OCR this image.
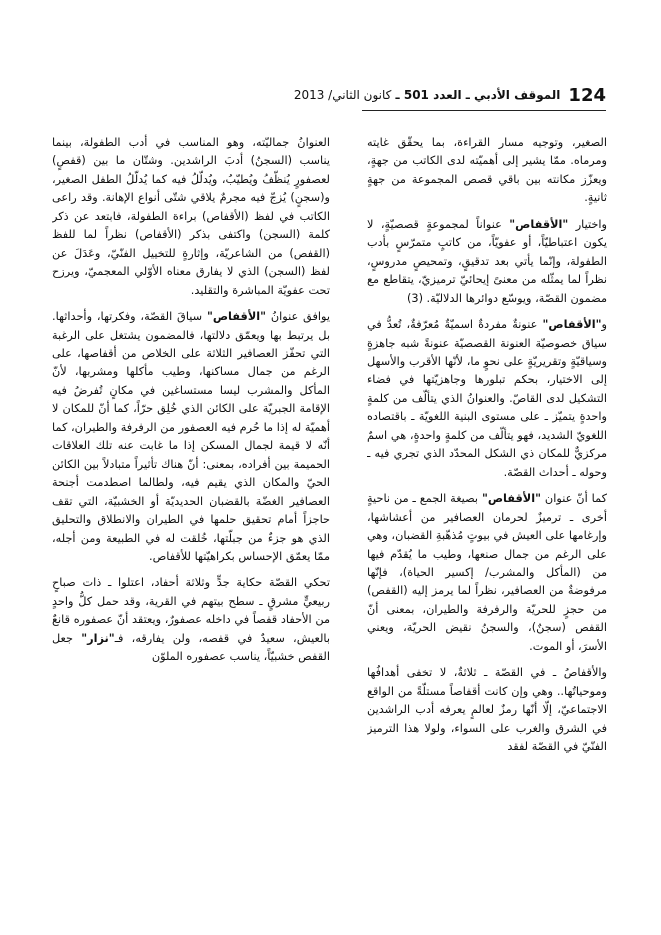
124
الموقف الأدبي ـ العدد 501 ـ كانون الثاني/ 2013

الصغير، وتوجيه مسار القراءة، بما يحقّق غايته ومرماه. ممّا يشير إلى أهميّته لدى الكاتب من جهةٍ، ويعزّز مكانته بين باقي قصص المجموعة من جهةٍ ثانيةٍ.

واختيار "الأقفاص" عنواناً لمجموعةٍ قصصيّةٍ، لا يكون اعتباطيّاً، أو عفويّاً، من كاتبٍ متمرّسٍ بأدب الطفولة، وإنّما يأتي بعد تدقيقٍ، وتمحيصٍ مدروسٍ، نظراً لما يمثّله من معنىً إيحائيّ ترميزيّ، يتقاطع مع مضمون القصّة، ويوسّع دوائرها الدلاليّة. (3)

و"الأقفاص" عنونةٌ مفردةٌ اسميّةٌ مُعرّفةٌ، تُعدُّ في سياق خصوصيّة العنونة القصصيّة عنونةً شبه جاهزةٍ وسياقيّةٍ وتقريريّةٍ على نحوٍ ما، لأنّها الأقرب والأسهل إلى الاختيار، بحكم تبلورها وجاهزيّتها في فضاء التشكيل لدى القاصّ. والعنوانُ الذي يتألّف من كلمةٍ واحدةٍ يتميّز ـ على مستوى البنية اللغويّة ـ باقتصاده اللغويّ الشديد، فهو يتألّف من كلمةٍ واحدةٍ، هي اسمٌ مركزيٌّ للمكان ذي الشكل المحدّد الذي تجري فيه ـ وحوله ـ أحداث القصّة.

كما أنّ عنوان "الأقفاص" بصيغة الجمع ـ من ناحيةٍ أخرى ـ ترميزٌ لحرمان العصافير من أعشاشها، وإرغامها على العيش في بيوتٍ مُذهّبةِ القضبان، وهي على الرغم من جمال صنعها، وطيب ما يُقدّم فيها من (المأكل والمشرب/ إكسير الحياة)، فإنّها مرفوضةٌ من العصافير، نظراً لما يرمز إليه (القفص) من حجزٍ للحريّة والرفرفة والطيران، بمعنى أنّ القفص (سجنٌ)، والسجنُ نقيض الحريّة، ويعني الأسرَ، أو الموت.

والأقفاصُ ـ في القصّة ـ ثلاثةٌ، لا تخفى أهدافُها وموحياتُها.. وهي وإن كانت أقفاصاً مستلّةً من الواقع الاجتماعيّ، إلّا أنّها رمزٌ لعالمٍ يعرفه أدب الراشدين في الشرق والغرب على السواء، ولولا هذا الترميز الفنّيّ في القصّة لفقد

العنوانُ جماليّته، وهو المناسب في أدب الطفولة، بينما يناسب (السجنُ) أدبَ الراشدين. وشتّان ما بين (قفصٍ) لعصفورٍ يُنظّفُ ويُطيّبُ، ويُدلّلُ فيه كما يُدلّلُ الطفل الصغير، و(سجنٍ) يُزجّ فيه مجرمٌ يلاقي شتّى أنواع الإهانة. وقد راعى الكاتب في لفظ (الأقفاص) براءة الطفولة، فابتعد عن ذكر كلمة (السجن) واكتفى بذكر (الأقفاص) نظراً لما للفظ (القفص) من الشاعريّة، وإثارةٍ للتخييل الفنّيّ، وعَدَلَ عن لفظ (السجن) الذي لا يفارق معناه الأوّلي المعجميّ، ويرزح تحت عفويّة المباشرة والتقليد.

يوافق عنوانُ "الأقفاص" سياقَ القصّة، وفكرتها، وأحداثها. بل يرتبط بها ويعمّق دلالتها، فالمضمون يشتغل على الرغبة التي تحفّز العصافير الثلاثة على الخلاص من أقفاصها، على الرغم من جمال مساكنها، وطيب مأكلها ومشربها، لأنّ المأكل والمشرب ليسا مستساغين في مكانٍ تُفرضُ فيه الإقامة الجبريّة على الكائن الذي خُلِق حرّاً، كما أنّ للمكان لا أهميّة له إذا ما حُرم فيه العصفور من الرفرفة والطيران، كما أنّه لا قيمة لجمال المسكن إذا ما غابت عنه تلك العلاقات الحميمة بين أفراده، بمعنى: أنّ هناك تأثيراً متبادلاً بين الكائن الحيّ والمكان الذي يقيم فيه، ولطالما اصطدمت أجنحة العصافير الغضّة بالقضبان الحديديّة أو الخشبيّة، التي تقف حاجزاً أمام تحقيق حلمها في الطيران والانطلاق والتحليق الذي هو جزءٌ من جبلّتها، خُلقت له في الطبيعة ومن أجله، ممّا يعمّق الإحساس بكراهيّتها للأقفاص.

تحكي القصّة حكاية جدٍّ وثلاثة أحفاد، اعتلوا ـ ذات صباحٍ ربيعيٍّ مشرقٍ ـ سطح بيتهم في القرية، وقد حمل كلُّ واحدٍ من الأحفاد قفصاً في داخله عصفورٌ، ويعتقد أنّ عصفوره قانعٌ بالعيش، سعيدٌ في قفصه، ولن يفارقه، فـ"نزار" جعل القفص خشبيّاً، يناسب عصفوره الملوّن
